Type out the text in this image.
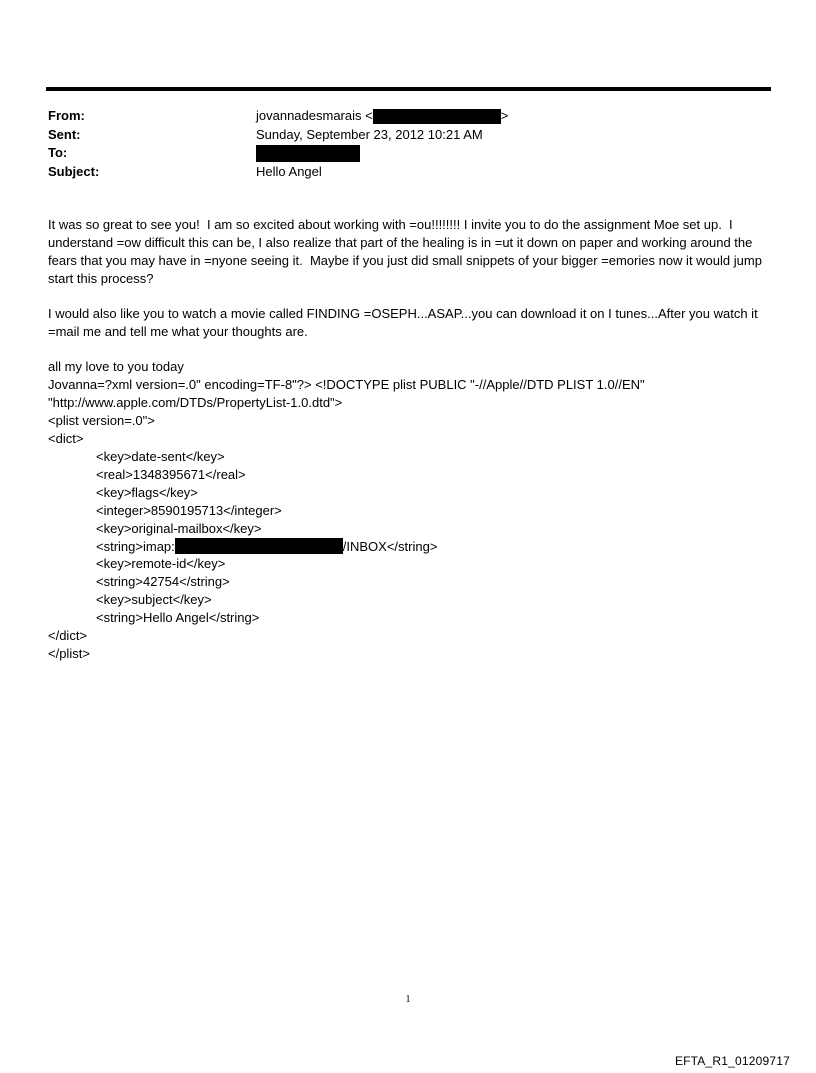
From:	jovannadesmarais <	>
Sent:	Sunday, September 23, 2012 10:21 AM
To:
Subject:	Hello Angel

It was so great to see you!  I am so excited about working with =ou!!!!!!!! I invite you to do the assignment Moe set up.  I understand =ow difficult this can be, I also realize that part of the healing is in =ut it down on paper and working around the fears that you may have in =nyone seeing it.  Maybe if you just did small snippets of your bigger =emories now it would jump start this process?

I would also like you to watch a movie called FINDING =OSEPH...ASAP...you can download it on I tunes...After you watch it =mail me and tell me what your thoughts are.

all my love to you today
Jovanna=?xml version=.0" encoding=TF-8"?> <!DOCTYPE plist PUBLIC "-//Apple//DTD PLIST 1.0//EN"
"http://www.apple.com/DTDs/PropertyList-1.0.dtd">
<plist version=.0">
<dict>
<key>date-sent</key>
<real>1348395671</real>
<key>flags</key>
<integer>8590195713</integer>
<key>original-mailbox</key>
<string>imap:	/INBOX</string>
<key>remote-id</key>
<string>42754</string>
<key>subject</key>
<string>Hello Angel</string>
</dict>
</plist>
1
EFTA_R1_01209717
